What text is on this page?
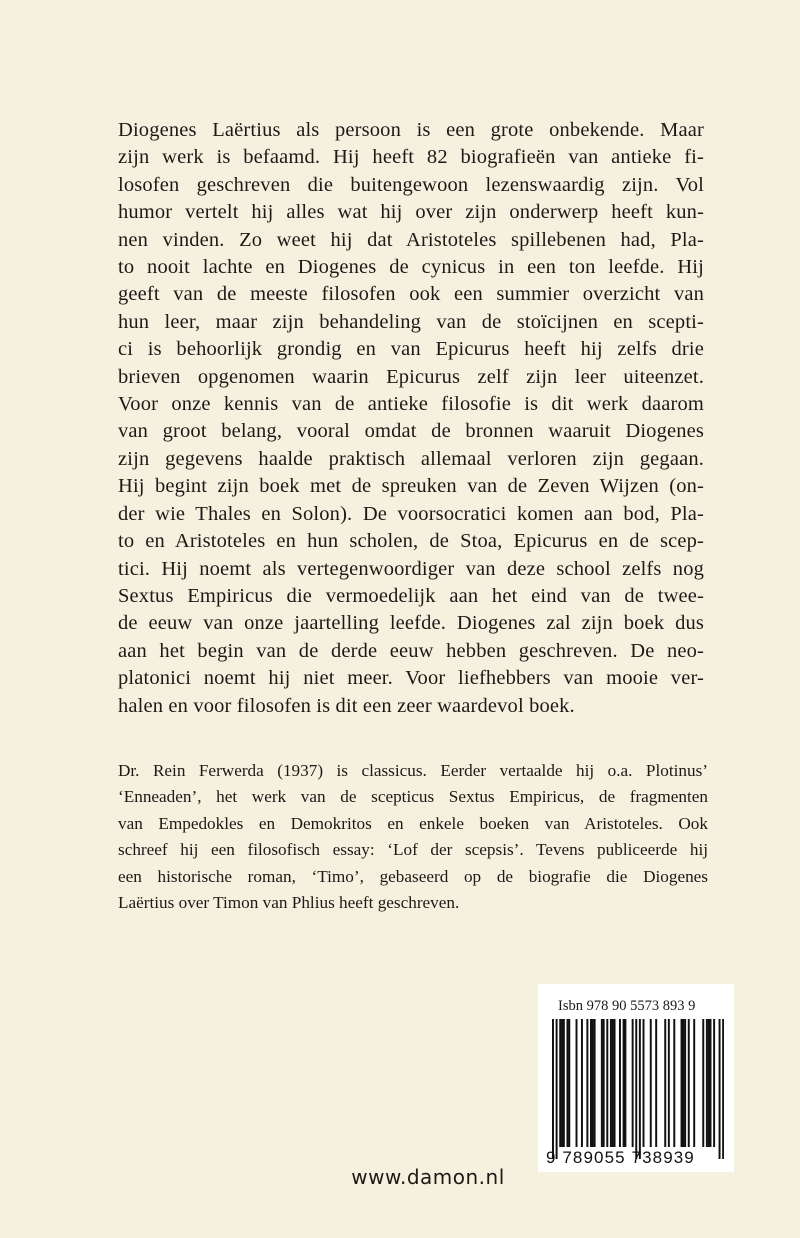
Diogenes Laërtius als persoon is een grote onbekende. Maar
zijn werk is befaamd. Hij heeft 82 biografieën van antieke fi-
losofen geschreven die buitengewoon lezenswaardig zijn. Vol
humor vertelt hij alles wat hij over zijn onderwerp heeft kun-
nen vinden. Zo weet hij dat Aristoteles spillebenen had, Pla-
to nooit lachte en Diogenes de cynicus in een ton leefde. Hij
geeft van de meeste filosofen ook een summier overzicht van
hun leer, maar zijn behandeling van de stoïcijnen en scepti-
ci is behoorlijk grondig en van Epicurus heeft hij zelfs drie
brieven opgenomen waarin Epicurus zelf zijn leer uiteenzet.
Voor onze kennis van de antieke filosofie is dit werk daarom
van groot belang, vooral omdat de bronnen waaruit Diogenes
zijn gegevens haalde praktisch allemaal verloren zijn gegaan.
Hij begint zijn boek met de spreuken van de Zeven Wijzen (on-
der wie Thales en Solon). De voorsocratici komen aan bod, Pla-
to en Aristoteles en hun scholen, de Stoa, Epicurus en de scep-
tici. Hij noemt als vertegenwoordiger van deze school zelfs nog
Sextus Empiricus die vermoedelijk aan het eind van de twee-
de eeuw van onze jaartelling leefde. Diogenes zal zijn boek dus
aan het begin van de derde eeuw hebben geschreven. De neo-
platonici noemt hij niet meer. Voor liefhebbers van mooie ver-
halen en voor filosofen is dit een zeer waardevol boek.
Dr. Rein Ferwerda (1937) is classicus. Eerder vertaalde hij o.a. Plotinus’
‘Enneaden’, het werk van de scepticus Sextus Empiricus, de fragmenten
van Empedokles en Demokritos en enkele boeken van Aristoteles. Ook
schreef hij een filosofisch essay: ‘Lof der scepsis’. Tevens publiceerde hij
een historische roman, ‘Timo’, gebaseerd op de biografie die Diogenes
Laërtius over Timon van Phlius heeft geschreven.
Isbn 978 90 5573 893 9
9 789055 738939
www.damon.nl
